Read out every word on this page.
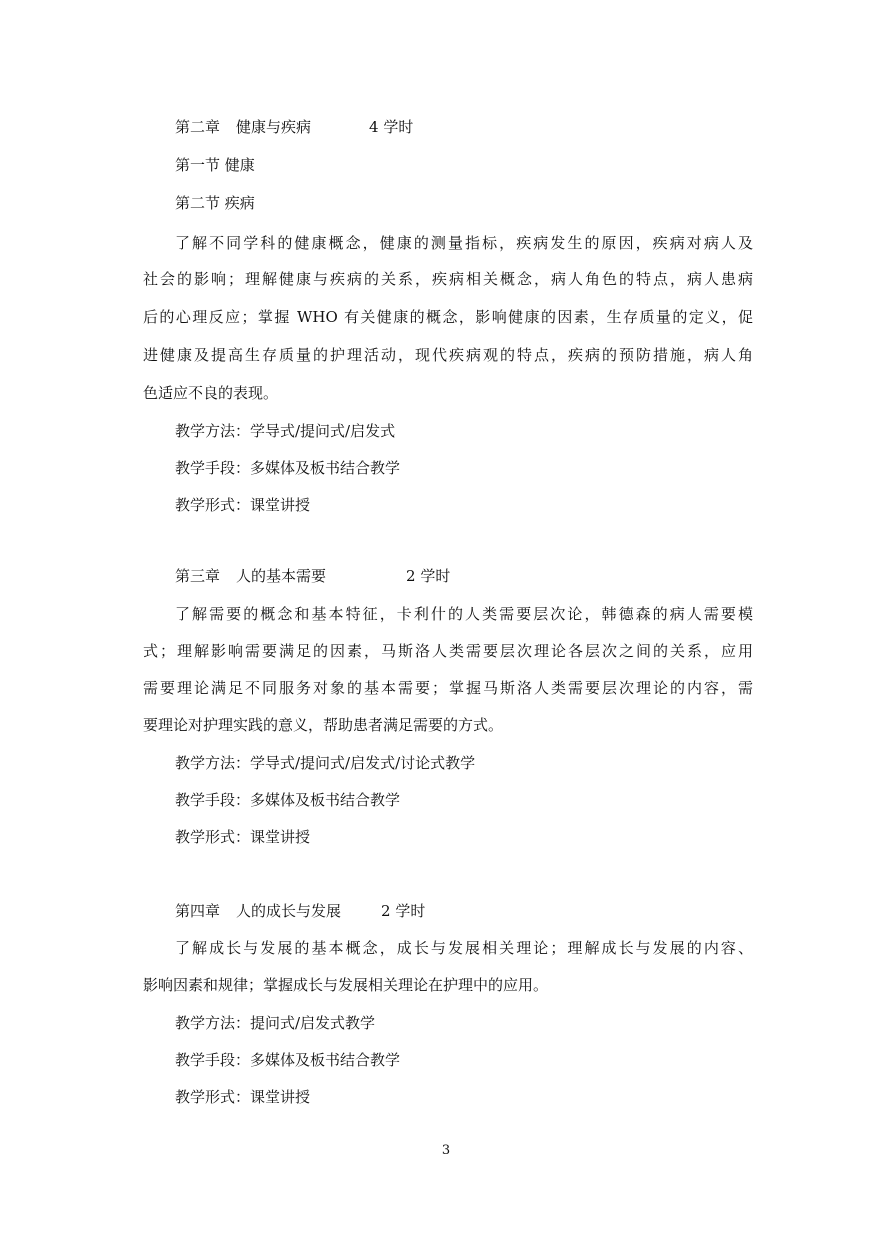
第二章 健康与疾病	4 学时
第一节 健康
第二节 疾病
了解不同学科的健康概念，健康的测量指标，疾病发生的原因，疾病对病人及
社会的影响；理解健康与疾病的关系，疾病相关概念，病人角色的特点，病人患病
后的心理反应；掌握 WHO 有关健康的概念，影响健康的因素，生存质量的定义，促
进健康及提高生存质量的护理活动，现代疾病观的特点，疾病的预防措施，病人角
色适应不良的表现。
教学方法：学导式/提问式/启发式
教学手段：多媒体及板书结合教学
教学形式：课堂讲授
第三章 人的基本需要	2 学时
了解需要的概念和基本特征，卡利什的人类需要层次论，韩德森的病人需要模
式；理解影响需要满足的因素，马斯洛人类需要层次理论各层次之间的关系，应用
需要理论满足不同服务对象的基本需要；掌握马斯洛人类需要层次理论的内容，需
要理论对护理实践的意义，帮助患者满足需要的方式。
教学方法：学导式/提问式/启发式/讨论式教学
教学手段：多媒体及板书结合教学
教学形式：课堂讲授
第四章 人的成长与发展	2 学时
了解成长与发展的基本概念，成长与发展相关理论；理解成长与发展的内容、
影响因素和规律；掌握成长与发展相关理论在护理中的应用。
教学方法：提问式/启发式教学
教学手段：多媒体及板书结合教学
教学形式：课堂讲授
3
